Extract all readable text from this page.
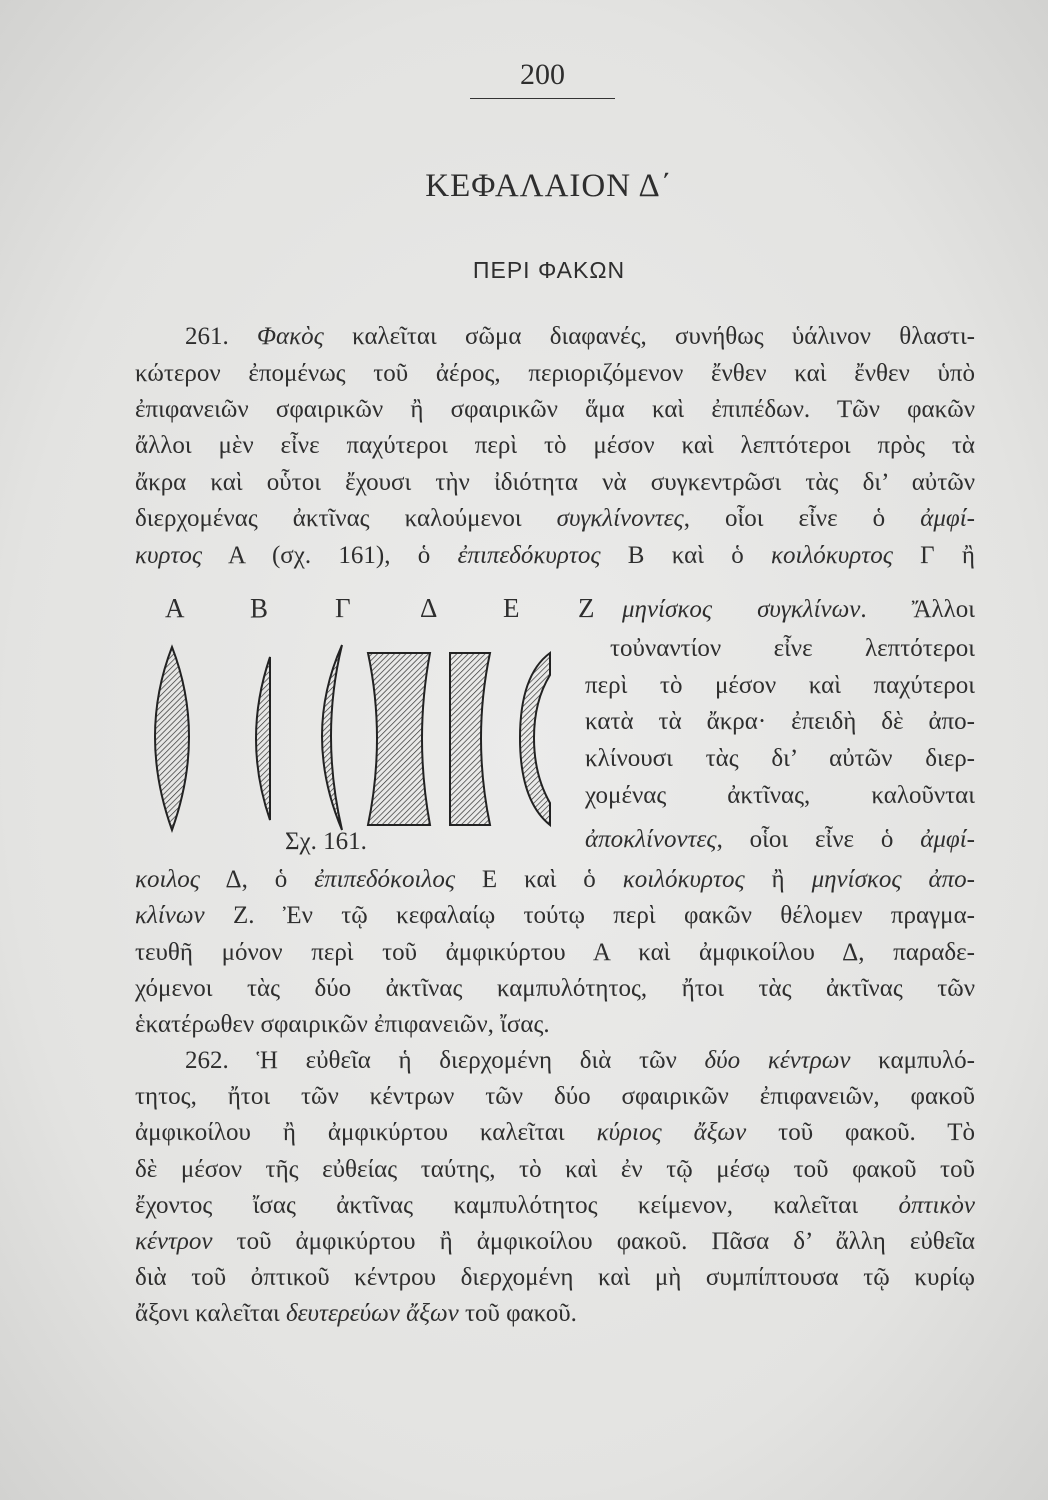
200
ΚΕΦΑΛΑΙΟΝ Δ΄
ΠΕΡΙ ΦΑΚΩΝ
261. Φακὸς καλεῖται σῶμα διαφανές, συνήθως ὑάλινον θλαστι-
κώτερον ἐπομένως τοῦ ἀέρος, περιοριζόμενον ἔνθεν καὶ ἔνθεν ὑπὸ
ἐπιφανειῶν σφαιρικῶν ἢ σφαιρικῶν ἅμα καὶ ἐπιπέδων. Τῶν φακῶν
ἄλλοι μὲν εἶνε παχύτεροι περὶ τὸ μέσον καὶ λεπτότεροι πρὸς τὰ
ἄκρα καὶ οὗτοι ἔχουσι τὴν ἰδιότητα νὰ συγκεντρῶσι τὰς δι’ αὐτῶν
διερχομένας ἀκτῖνας καλούμενοι συγκλίνοντες, οἷοι εἶνε ὁ ἀμφί-
κυρτος Α (σχ. 161), ὁ ἐπιπεδόκυρτος Β καὶ ὁ κοιλόκυρτος Γ ἢ
μηνίσκος συγκλίνων. Ἄλλοι
τοὐναντίον εἶνε λεπτότεροι
περὶ τὸ μέσον καὶ παχύτεροι
κατὰ τὰ ἄκρα· ἐπειδὴ δὲ ἀπο-
κλίνουσι τὰς δι’ αὐτῶν διερ-
χομένας ἀκτῖνας, καλοῦνται
ἀποκλίνοντες, οἷοι εἶνε ὁ ἀμφί-
κοιλος Δ, ὁ ἐπιπεδόκοιλος Ε καὶ ὁ κοιλόκυρτος ἢ μηνίσκος ἀπο-
κλίνων Ζ. Ἐν τῷ κεφαλαίῳ τούτῳ περὶ φακῶν θέλομεν πραγμα-
τευθῆ μόνον περὶ τοῦ ἀμφικύρτου Α καὶ ἀμφικοίλου Δ, παραδε-
χόμενοι τὰς δύο ἀκτῖνας καμπυλότητος, ἤτοι τὰς ἀκτῖνας τῶν
ἑκατέρωθεν σφαιρικῶν ἐπιφανειῶν, ἴσας.
262. Ἡ εὐθεῖα ἡ διερχομένη διὰ τῶν δύο κέντρων καμπυλό-
τητος, ἤτοι τῶν κέντρων τῶν δύο σφαιρικῶν ἐπιφανειῶν, φακοῦ
ἀμφικοίλου ἢ ἀμφικύρτου καλεῖται κύριος ἄξων τοῦ φακοῦ. Τὸ
δὲ μέσον τῆς εὐθείας ταύτης, τὸ καὶ ἐν τῷ μέσῳ τοῦ φακοῦ τοῦ
ἔχοντος ἴσας ἀκτῖνας καμπυλότητος κείμενον, καλεῖται ὀπτικὸν
κέντρον τοῦ ἀμφικύρτου ἢ ἀμφικοίλου φακοῦ. Πᾶσα δ’ ἄλλη εὐθεῖα
διὰ τοῦ ὀπτικοῦ κέντρου διερχομένη καὶ μὴ συμπίπτουσα τῷ κυρίῳ
ἄξονι καλεῖται δευτερεύων ἄξων τοῦ φακοῦ.
Α Β Γ	Δ Ε Ζ
Σχ. 161.
